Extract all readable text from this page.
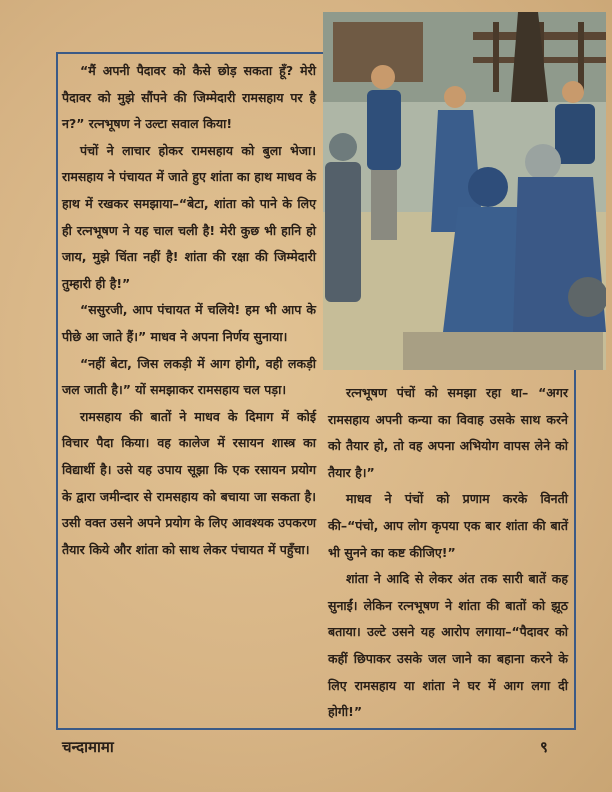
“मैं अपनी पैदावर को कैसे छोड़ सकता हूँ? मेरी पैदावर को मुझे सौंपने की जिम्मेदारी रामसहाय पर है न?” रत्नभूषण ने उल्टा सवाल किया!

पंचों ने लाचार होकर रामसहाय को बुला भेजा। रामसहाय ने पंचायत में जाते हुए शांता का हाथ माधव के हाथ में रखकर समझाया–“बेटा, शांता को पाने के लिए ही रत्नभूषण ने यह चाल चली है! मेरी कुछ भी हानि हो जाय, मुझे चिंता नहीं है! शांता की रक्षा की जिम्मेदारी तुम्हारी ही है!”

“ससुरजी, आप पंचायत में चलिये! हम भी आप के पीछे आ जाते हैं।” माधव ने अपना निर्णय सुनाया।

“नहीं बेटा, जिस लकड़ी में आग होगी, वही लकड़ी जल जाती है।” यों समझाकर रामसहाय चल पड़ा।

रामसहाय की बातों ने माधव के दिमाग में कोई विचार पैदा किया। वह कालेज में रसायन शास्त्र का विद्यार्थी है। उसे यह उपाय सूझा कि एक रसायन प्रयोग के द्वारा जमीन्दार से रामसहाय को बचाया जा सकता है। उसी वक्त उसने अपने प्रयोग के लिए आवश्यक उपकरण तैयार किये और शांता को साथ लेकर पंचायत में पहुँचा।

रत्नभूषण पंचों को समझा रहा था– “अगर रामसहाय अपनी कन्या का विवाह उसके साथ करने को तैयार हो, तो वह अपना अभियोग वापस लेने को तैयार है।”

माधव ने पंचों को प्रणाम करके विनती की–“पंचो, आप लोग कृपया एक बार शांता की बातें भी सुनने का कष्ट कीजिए!”

शांता ने आदि से लेकर अंत तक सारी बातें कह सुनाईं। लेकिन रत्नभूषण ने शांता की बातों को झूठ बताया। उल्टे उसने यह आरोप लगाया–“पैदावर को कहीं छिपाकर उसके जल जाने का बहाना करने के लिए रामसहाय या शांता ने घर में आग लगा दी होगी!”

चन्दामामा	९
